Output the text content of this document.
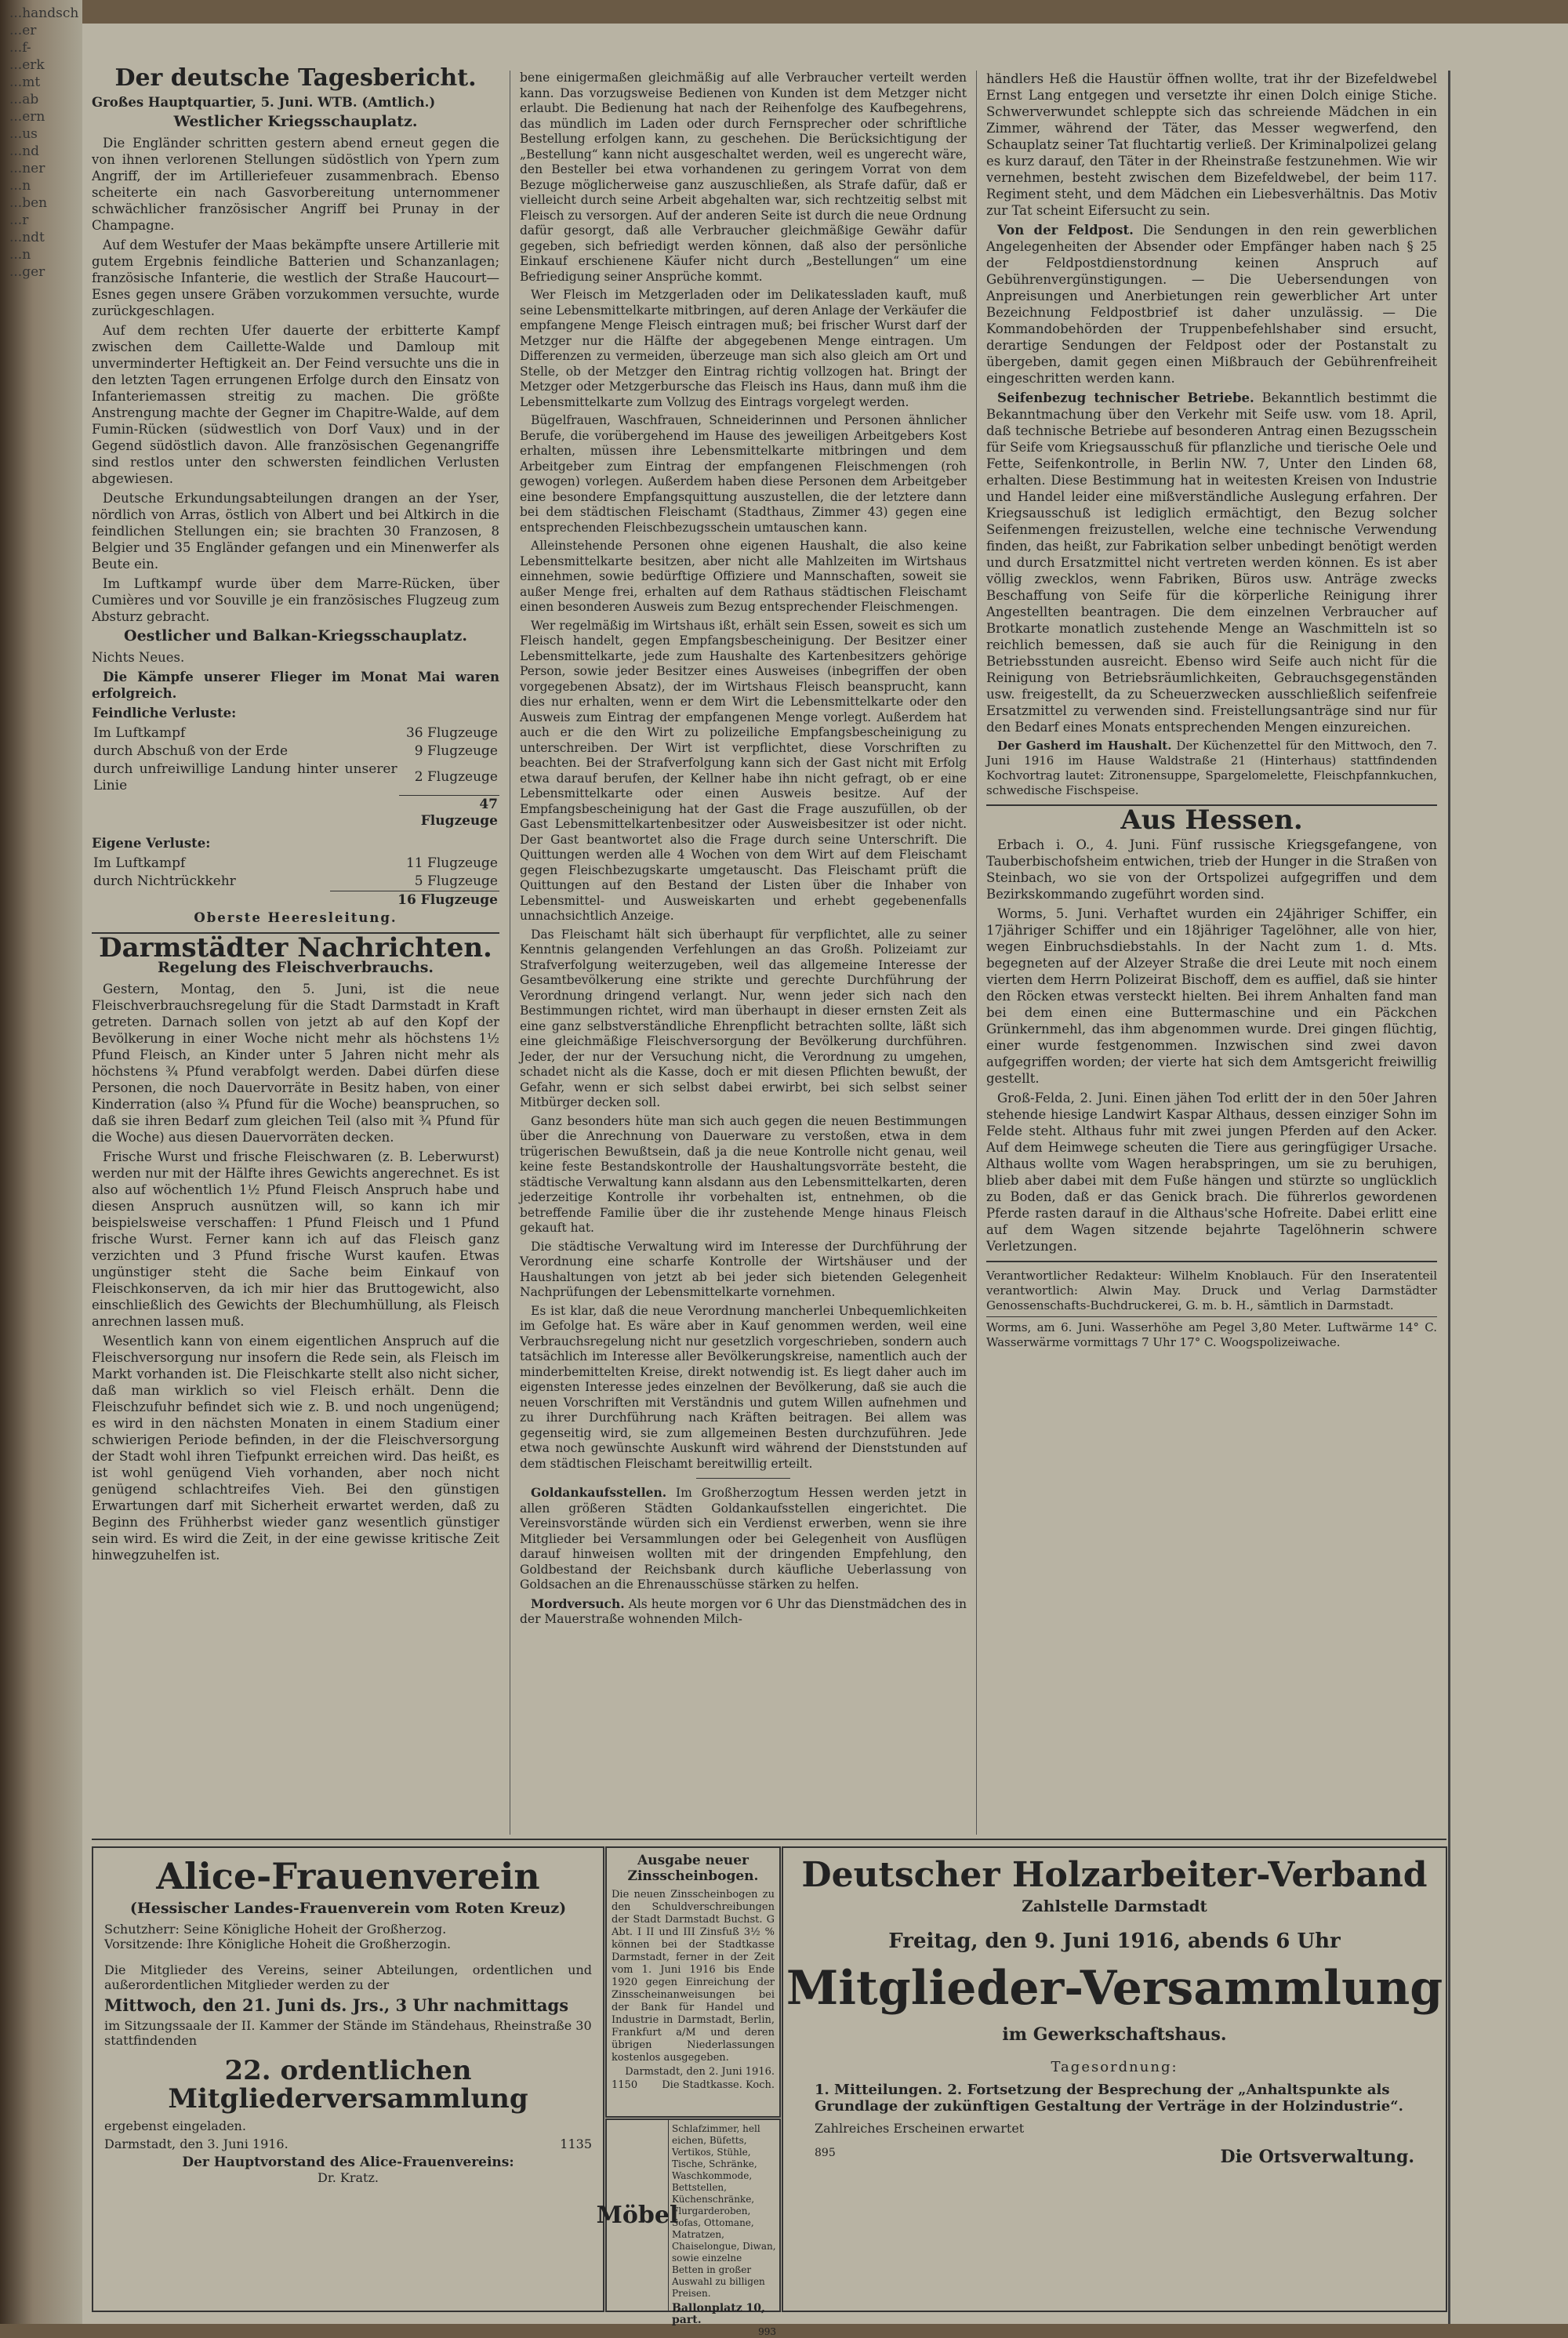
...handsch
...er
...f-
...erk
...mt
...ab
...ern
...us
...nd
...ner
...n
...ben
...r
...ndt
...n
...ger

Der deutsche Tagesbericht.

Großes Hauptquartier, 5. Juni. WTB. (Amtlich.)

Westlicher Kriegsschauplatz.

Die Engländer schritten gestern abend erneut gegen die von ihnen verlorenen Stellungen südöstlich von Ypern zum Angriff, der im Artilleriefeuer zusammenbrach. Ebenso scheiterte ein nach Gasvorbereitung unternommener schwächlicher französischer Angriff bei Prunay in der Champagne.

Auf dem Westufer der Maas bekämpfte unsere Artillerie mit gutem Ergebnis feindliche Batterien und Schanzanlagen; französische Infanterie, die westlich der Straße Haucourt—Esnes gegen unsere Gräben vorzukommen versuchte, wurde zurückgeschlagen.

Auf dem rechten Ufer dauerte der erbitterte Kampf zwischen dem Caillette-Walde und Damloup mit unverminderter Heftigkeit an. Der Feind versuchte uns die in den letzten Tagen errungenen Erfolge durch den Einsatz von Infanteriemassen streitig zu machen. Die größte Anstrengung machte der Gegner im Chapitre-Walde, auf dem Fumin-Rücken (südwestlich von Dorf Vaux) und in der Gegend südöstlich davon. Alle französischen Gegenangriffe sind restlos unter den schwersten feindlichen Verlusten abgewiesen.

Deutsche Erkundungsabteilungen drangen an der Yser, nördlich von Arras, östlich von Albert und bei Altkirch in die feindlichen Stellungen ein; sie brachten 30 Franzosen, 8 Belgier und 35 Engländer gefangen und ein Minenwerfer als Beute ein.

Im Luftkampf wurde über dem Marre-Rücken, über Cumières und vor Souville je ein französisches Flugzeug zum Absturz gebracht.

Oestlicher und Balkan-Kriegsschauplatz.

Nichts Neues.

Die Kämpfe unserer Flieger im Monat Mai waren erfolgreich.

Feindliche Verluste:

Im Luftkampf	36 Flugzeuge
durch Abschuß von der Erde	9 Flugzeuge
durch unfreiwillige Landung hinter unserer Linie	2 Flugzeuge
	47 Flugzeuge

Eigene Verluste:

Im Luftkampf	11 Flugzeuge
durch Nichtrückkehr	5 Flugzeuge
	16 Flugzeuge

Oberste Heeresleitung.

Darmstädter Nachrichten.
Regelung des Fleischverbrauchs.

Gestern, Montag, den 5. Juni, ist die neue Fleischverbrauchsregelung für die Stadt Darmstadt in Kraft getreten. Darnach sollen von jetzt ab auf den Kopf der Bevölkerung in einer Woche nicht mehr als höchstens 1½ Pfund Fleisch, an Kinder unter 5 Jahren nicht mehr als höchstens ¾ Pfund verabfolgt werden. Dabei dürfen diese Personen, die noch Dauervorräte in Besitz haben, von einer Kinderration (also ¾ Pfund für die Woche) beanspruchen, so daß sie ihren Bedarf zum gleichen Teil (also mit ¾ Pfund für die Woche) aus diesen Dauervorräten decken.

Frische Wurst und frische Fleischwaren (z. B. Leberwurst) werden nur mit der Hälfte ihres Gewichts angerechnet. Es ist also auf wöchentlich 1½ Pfund Fleisch Anspruch habe und diesen Anspruch ausnützen will, so kann ich mir beispielsweise verschaffen: 1 Pfund Fleisch und 1 Pfund frische Wurst. Ferner kann ich auf das Fleisch ganz verzichten und 3 Pfund frische Wurst kaufen. Etwas ungünstiger steht die Sache beim Einkauf von Fleischkonserven, da ich mir hier das Bruttogewicht, also einschließlich des Gewichts der Blechumhüllung, als Fleisch anrechnen lassen muß.

Wesentlich kann von einem eigentlichen Anspruch auf die Fleischversorgung nur insofern die Rede sein, als Fleisch im Markt vorhanden ist. Die Fleischkarte stellt also nicht sicher, daß man wirklich so viel Fleisch erhält. Denn die Fleischzufuhr befindet sich wie z. B. und noch ungenügend; es wird in den nächsten Monaten in einem Stadium einer schwierigen Periode befinden, in der die Fleischversorgung der Stadt wohl ihren Tiefpunkt erreichen wird. Das heißt, es ist wohl genügend Vieh vorhanden, aber noch nicht genügend schlachtreifes Vieh. Bei den günstigen Erwartungen darf mit Sicherheit erwartet werden, daß zu Beginn des Frühherbst wieder ganz wesentlich günstiger sein wird. Es wird die Zeit, in der eine gewisse kritische Zeit hinwegzuhelfen ist.

bene einigermaßen gleichmäßig auf alle Verbraucher verteilt werden kann. Das vorzugsweise Bedienen von Kunden ist dem Metzger nicht erlaubt. Die Bedienung hat nach der Reihenfolge des Kaufbegehrens, das mündlich im Laden oder durch Fernsprecher oder schriftliche Bestellung erfolgen kann, zu geschehen. Die Berücksichtigung der „Bestellung“ kann nicht ausgeschaltet werden, weil es ungerecht wäre, den Besteller bei etwa vorhandenen zu geringem Vorrat von dem Bezuge möglicherweise ganz auszuschließen, als Strafe dafür, daß er vielleicht durch seine Arbeit abgehalten war, sich rechtzeitig selbst mit Fleisch zu versorgen. Auf der anderen Seite ist durch die neue Ordnung dafür gesorgt, daß alle Verbraucher gleichmäßige Gewähr dafür gegeben, sich befriedigt werden können, daß also der persönliche Einkauf erschienene Käufer nicht durch „Bestellungen“ um eine Befriedigung seiner Ansprüche kommt.

Wer Fleisch im Metzgerladen oder im Delikatessladen kauft, muß seine Lebensmittelkarte mitbringen, auf deren Anlage der Verkäufer die empfangene Menge Fleisch eintragen muß; bei frischer Wurst darf der Metzger nur die Hälfte der abgegebenen Menge eintragen. Um Differenzen zu vermeiden, überzeuge man sich also gleich am Ort und Stelle, ob der Metzger den Eintrag richtig vollzogen hat. Bringt der Metzger oder Metzgerbursche das Fleisch ins Haus, dann muß ihm die Lebensmittelkarte zum Vollzug des Eintrags vorgelegt werden.

Bügelfrauen, Waschfrauen, Schneiderinnen und Personen ähnlicher Berufe, die vorübergehend im Hause des jeweiligen Arbeitgebers Kost erhalten, müssen ihre Lebensmittelkarte mitbringen und dem Arbeitgeber zum Eintrag der empfangenen Fleischmengen (roh gewogen) vorlegen. Außerdem haben diese Personen dem Arbeitgeber eine besondere Empfangsquittung auszustellen, die der letztere dann bei dem städtischen Fleischamt (Stadthaus, Zimmer 43) gegen eine entsprechenden Fleischbezugsschein umtauschen kann.

Alleinstehende Personen ohne eigenen Haushalt, die also keine Lebensmittelkarte besitzen, aber nicht alle Mahlzeiten im Wirtshaus einnehmen, sowie bedürftige Offiziere und Mannschaften, soweit sie außer Menge frei, erhalten auf dem Rathaus städtischen Fleischamt einen besonderen Ausweis zum Bezug entsprechender Fleischmengen.

Wer regelmäßig im Wirtshaus ißt, erhält sein Essen, soweit es sich um Fleisch handelt, gegen Empfangsbescheinigung. Der Besitzer einer Lebensmittelkarte, jede zum Haushalte des Kartenbesitzers gehörige Person, sowie jeder Besitzer eines Ausweises (inbegriffen der oben vorgegebenen Absatz), der im Wirtshaus Fleisch beansprucht, kann dies nur erhalten, wenn er dem Wirt die Lebensmittelkarte oder den Ausweis zum Eintrag der empfangenen Menge vorlegt. Außerdem hat auch er die den Wirt zu polizeiliche Empfangsbescheinigung zu unterschreiben. Der Wirt ist verpflichtet, diese Vorschriften zu beachten. Bei der Strafverfolgung kann sich der Gast nicht mit Erfolg etwa darauf berufen, der Kellner habe ihn nicht gefragt, ob er eine Lebensmittelkarte oder einen Ausweis besitze. Auf der Empfangsbescheinigung hat der Gast die Frage auszufüllen, ob der Gast Lebensmittelkartenbesitzer oder Ausweisbesitzer ist oder nicht. Der Gast beantwortet also die Frage durch seine Unterschrift. Die Quittungen werden alle 4 Wochen von dem Wirt auf dem Fleischamt gegen Fleischbezugskarte umgetauscht. Das Fleischamt prüft die Quittungen auf den Bestand der Listen über die Inhaber von Lebensmittel- und Ausweiskarten und erhebt gegebenenfalls unnachsichtlich Anzeige.

Das Fleischamt hält sich überhaupt für verpflichtet, alle zu seiner Kenntnis gelangenden Verfehlungen an das Großh. Polizeiamt zur Strafverfolgung weiterzugeben, weil das allgemeine Interesse der Gesamtbevölkerung eine strikte und gerechte Durchführung der Verordnung dringend verlangt. Nur, wenn jeder sich nach den Bestimmungen richtet, wird man überhaupt in dieser ernsten Zeit als eine ganz selbstverständliche Ehrenpflicht betrachten sollte, läßt sich eine gleichmäßige Fleischversorgung der Bevölkerung durchführen. Jeder, der nur der Versuchung nicht, die Verordnung zu umgehen, schadet nicht als die Kasse, doch er mit diesen Pflichten bewußt, der Gefahr, wenn er sich selbst dabei erwirbt, bei sich selbst seiner Mitbürger decken soll.

Ganz besonders hüte man sich auch gegen die neuen Bestimmungen über die Anrechnung von Dauerware zu verstoßen, etwa in dem trügerischen Bewußtsein, daß ja die neue Kontrolle nicht genau, weil keine feste Bestandskontrolle der Haushaltungsvorräte besteht, die städtische Verwaltung kann alsdann aus den Lebensmittelkarten, deren jederzeitige Kontrolle ihr vorbehalten ist, entnehmen, ob die betreffende Familie über die ihr zustehende Menge hinaus Fleisch gekauft hat.

Die städtische Verwaltung wird im Interesse der Durchführung der Verordnung eine scharfe Kontrolle der Wirtshäuser und der Haushaltungen von jetzt ab bei jeder sich bietenden Gelegenheit Nachprüfungen der Lebensmittelkarte vornehmen.

Es ist klar, daß die neue Verordnung mancherlei Unbequemlichkeiten im Gefolge hat. Es wäre aber in Kauf genommen werden, weil eine Verbrauchsregelung nicht nur gesetzlich vorgeschrieben, sondern auch tatsächlich im Interesse aller Bevölkerungskreise, namentlich auch der minderbemittelten Kreise, direkt notwendig ist. Es liegt daher auch im eigensten Interesse jedes einzelnen der Bevölkerung, daß sie auch die neuen Vorschriften mit Verständnis und gutem Willen aufnehmen und zu ihrer Durchführung nach Kräften beitragen. Bei allem was gegenseitig wird, sie zum allgemeinen Besten durchzuführen. Jede etwa noch gewünschte Auskunft wird während der Dienststunden auf dem städtischen Fleischamt bereitwillig erteilt.

Goldankaufsstellen. Im Großherzogtum Hessen werden jetzt in allen größeren Städten Goldankaufsstellen eingerichtet. Die Vereinsvorstände würden sich ein Verdienst erwerben, wenn sie ihre Mitglieder bei Versammlungen oder bei Gelegenheit von Ausflügen darauf hinweisen wollten mit der dringenden Empfehlung, den Goldbestand der Reichsbank durch käufliche Ueberlassung von Goldsachen an die Ehrenausschüsse stärken zu helfen.

Mordversuch. Als heute morgen vor 6 Uhr das Dienstmädchen des in der Mauerstraße wohnenden Milch-

händlers Heß die Haustür öffnen wollte, trat ihr der Bizefeldwebel Ernst Lang entgegen und versetzte ihr einen Dolch einige Stiche. Schwerverwundet schleppte sich das schreiende Mädchen in ein Zimmer, während der Täter, das Messer wegwerfend, den Schauplatz seiner Tat fluchtartig verließ. Der Kriminalpolizei gelang es kurz darauf, den Täter in der Rheinstraße festzunehmen. Wie wir vernehmen, besteht zwischen dem Bizefeldwebel, der beim 117. Regiment steht, und dem Mädchen ein Liebesverhältnis. Das Motiv zur Tat scheint Eifersucht zu sein.

Von der Feldpost. Die Sendungen in den rein gewerblichen Angelegenheiten der Absender oder Empfänger haben nach § 25 der Feldpostdienstordnung keinen Anspruch auf Gebührenvergünstigungen. — Die Uebersendungen von Anpreisungen und Anerbietungen rein gewerblicher Art unter Bezeichnung Feldpostbrief ist daher unzulässig. — Die Kommandobehörden der Truppenbefehlshaber sind ersucht, derartige Sendungen der Feldpost oder der Postanstalt zu übergeben, damit gegen einen Mißbrauch der Gebührenfreiheit eingeschritten werden kann.

Seifenbezug technischer Betriebe. Bekanntlich bestimmt die Bekanntmachung über den Verkehr mit Seife usw. vom 18. April, daß technische Betriebe auf besonderen Antrag einen Bezugsschein für Seife vom Kriegsausschuß für pflanzliche und tierische Oele und Fette, Seifenkontrolle, in Berlin NW. 7, Unter den Linden 68, erhalten. Diese Bestimmung hat in weitesten Kreisen von Industrie und Handel leider eine mißverständliche Auslegung erfahren. Der Kriegsausschuß ist lediglich ermächtigt, den Bezug solcher Seifenmengen freizustellen, welche eine technische Verwendung finden, das heißt, zur Fabrikation selber unbedingt benötigt werden und durch Ersatzmittel nicht vertreten werden können. Es ist aber völlig zwecklos, wenn Fabriken, Büros usw. Anträge zwecks Beschaffung von Seife für die körperliche Reinigung ihrer Angestellten beantragen. Die dem einzelnen Verbraucher auf Brotkarte monatlich zustehende Menge an Waschmitteln ist so reichlich bemessen, daß sie auch für die Reinigung in den Betriebsstunden ausreicht. Ebenso wird Seife auch nicht für die Reinigung von Betriebsräumlichkeiten, Gebrauchsgegenständen usw. freigestellt, da zu Scheuerzwecken ausschließlich seifenfreie Ersatzmittel zu verwenden sind. Freistellungsanträge sind nur für den Bedarf eines Monats entsprechenden Mengen einzureichen.

Der Gasherd im Haushalt. Der Küchenzettel für den Mittwoch, den 7. Juni 1916 im Hause Waldstraße 21 (Hinterhaus) stattfindenden Kochvortrag lautet: Zitronensuppe, Spargelomelette, Fleischpfannkuchen, schwedische Fischspeise.

Aus Hessen.

Erbach i. O., 4. Juni. Fünf russische Kriegsgefangene, von Tauberbischofsheim entwichen, trieb der Hunger in die Straßen von Steinbach, wo sie von der Ortspolizei aufgegriffen und dem Bezirkskommando zugeführt worden sind.

Worms, 5. Juni. Verhaftet wurden ein 24jähriger Schiffer, ein 17jähriger Schiffer und ein 18jähriger Tagelöhner, alle von hier, wegen Einbruchsdiebstahls. In der Nacht zum 1. d. Mts. begegneten auf der Alzeyer Straße die drei Leute mit noch einem vierten dem Herrn Polizeirat Bischoff, dem es auffiel, daß sie hinter den Röcken etwas versteckt hielten. Bei ihrem Anhalten fand man bei dem einen eine Buttermaschine und ein Päckchen Grünkernmehl, das ihm abgenommen wurde. Drei gingen flüchtig, einer wurde festgenommen. Inzwischen sind zwei davon aufgegriffen worden; der vierte hat sich dem Amtsgericht freiwillig gestellt.

Groß-Felda, 2. Juni. Einen jähen Tod erlitt der in den 50er Jahren stehende hiesige Landwirt Kaspar Althaus, dessen einziger Sohn im Felde steht. Althaus fuhr mit zwei jungen Pferden auf den Acker. Auf dem Heimwege scheuten die Tiere aus geringfügiger Ursache. Althaus wollte vom Wagen herabspringen, um sie zu beruhigen, blieb aber dabei mit dem Fuße hängen und stürzte so unglücklich zu Boden, daß er das Genick brach. Die führerlos gewordenen Pferde rasten darauf in die Althaus'sche Hofreite. Dabei erlitt eine auf dem Wagen sitzende bejahrte Tagelöhnerin schwere Verletzungen.

Verantwortlicher Redakteur: Wilhelm Knoblauch. Für den Inseratenteil verantwortlich: Alwin May. Druck und Verlag Darmstädter Genossenschafts-Buchdruckerei, G. m. b. H., sämtlich in Darmstadt.

Worms, am 6. Juni. Wasserhöhe am Pegel 3,80 Meter. Luftwärme 14° C. Wasserwärme vormittags 7 Uhr 17° C. Woogspolizeiwache.

Alice-Frauenverein
(Hessischer Landes-Frauenverein vom Roten Kreuz)
Schutzherr: Seine Königliche Hoheit der Großherzog.
Vorsitzende: Ihre Königliche Hoheit die Großherzogin.
Die Mitglieder des Vereins, seiner Abteilungen, ordentlichen und außerordentlichen Mitglieder werden zu der
Mittwoch, den 21. Juni ds. Jrs., 3 Uhr nachmittags
im Sitzungssaale der II. Kammer der Stände im Ständehaus, Rheinstraße 30 stattfindenden
22. ordentlichen Mitgliederversammlung
ergebenst eingeladen.
Darmstadt, den 3. Juni 1916.	1135
Der Hauptvorstand des Alice-Frauenvereins:
Dr. Kratz.
Ausgabe neuer Zinsscheinbogen.
Die neuen Zinsscheinbogen zu den Schuldverschreibungen der Stadt Darmstadt Buchst. G Abt. I II und III Zinsfuß 3½ % können bei der Stadtkasse Darmstadt, ferner in der Zeit vom 1. Juni 1916 bis Ende 1920 gegen Einreichung der Zinsscheinanweisungen bei der Bank für Handel und Industrie in Darmstadt, Berlin, Frankfurt a/M und deren übrigen Niederlassungen kostenlos ausgegeben.
Darmstadt, den 2. Juni 1916.
1150 Die Stadtkasse. Koch.
Möbel
Schlafzimmer, hell eichen, Büfetts, Vertikos, Stühle, Tische, Schränke, Waschkommode, Bettstellen, Küchenschränke, Flurgarderoben, Sofas, Ottomane, Matratzen, Chaiselongue, Diwan, sowie einzelne Betten in großer Auswahl zu billigen Preisen.
Ballonplatz 10, part.
993
Deutscher Holzarbeiter-Verband
Zahlstelle Darmstadt
Freitag, den 9. Juni 1916, abends 6 Uhr
Mitglieder-Versammlung
im Gewerkschaftshaus.
Tagesordnung:
1. Mitteilungen. 2. Fortsetzung der Besprechung der „Anhaltspunkte als Grundlage der zukünftigen Gestaltung der Verträge in der Holzindustrie“.
Zahlreiches Erscheinen erwartet
895	Die Ortsverwaltung.
